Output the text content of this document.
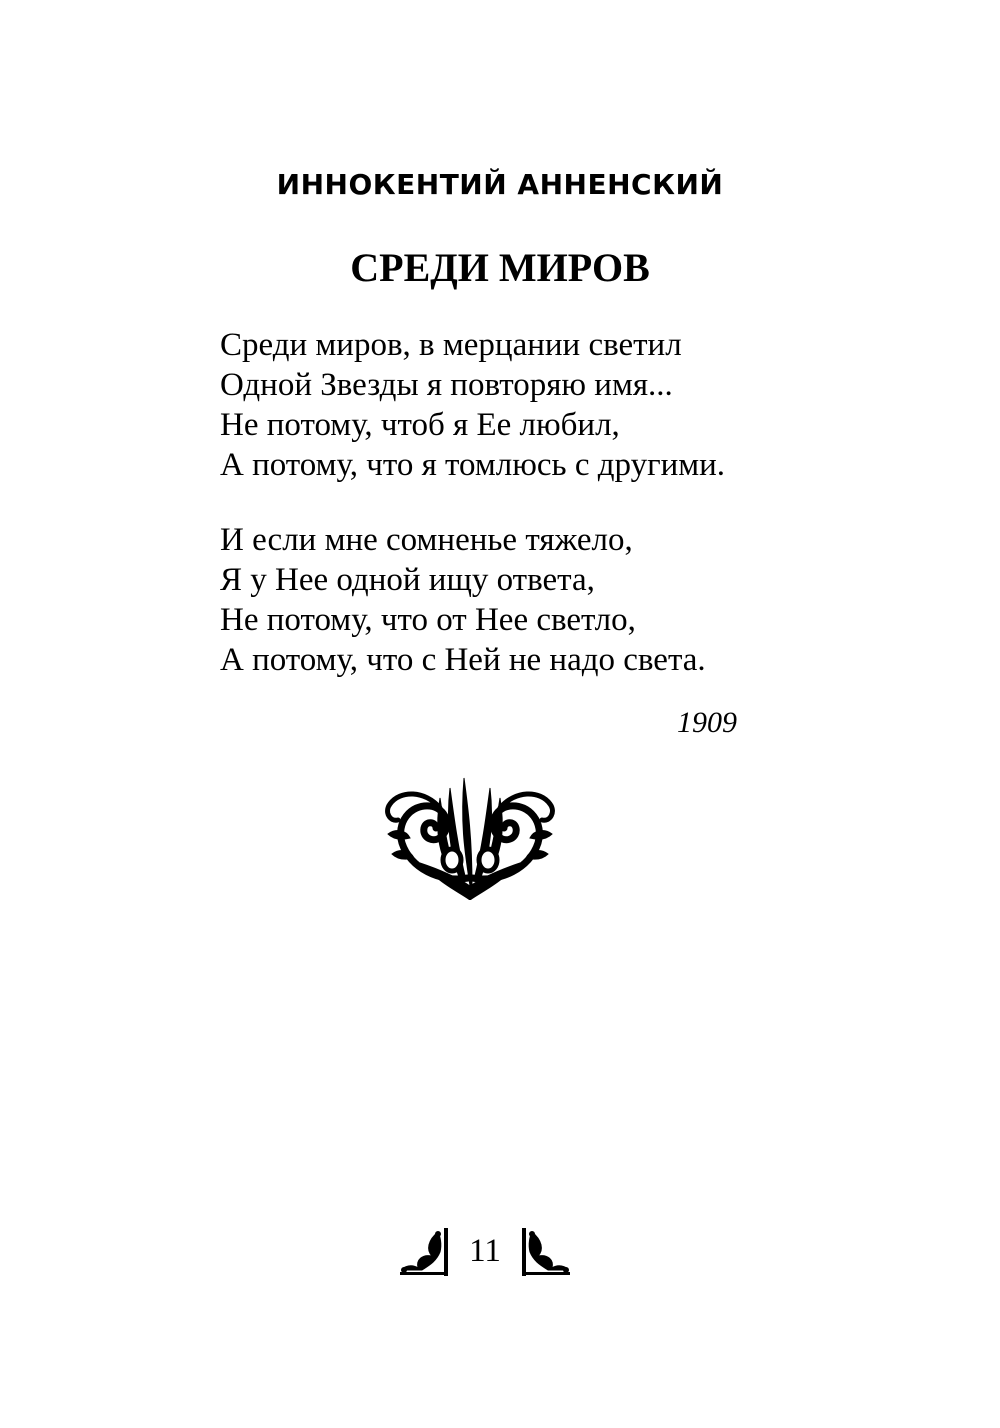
ИННОКЕНТИЙ АННЕНСКИЙ
СРЕДИ МИРОВ
Среди миров, в мерцании светил
Одной Звезды я повторяю имя...
Не потому, чтоб я Ее любил,
А потому, что я томлюсь с другими.
И если мне сомненье тяжело,
Я у Нее одной ищу ответа,
Не потому, что от Нее светло,
А потому, что с Ней не надо света.
1909
11
